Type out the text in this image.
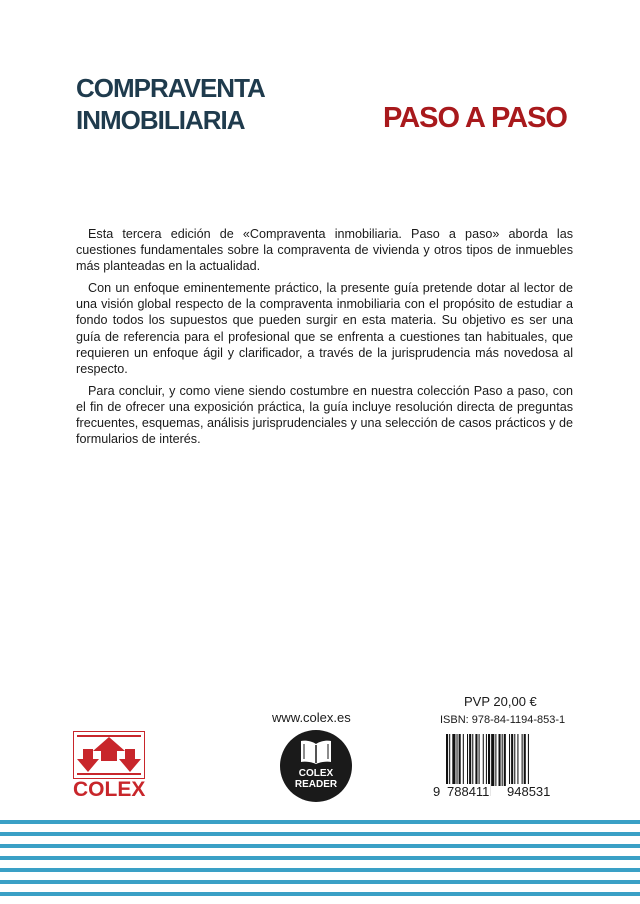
COMPRAVENTA
INMOBILIARIA	PASO A PASO

Esta tercera edición de «Compraventa inmobiliaria. Paso a paso» aborda las cuestiones fundamentales sobre la compraventa de vivienda y otros tipos de inmuebles más planteadas en la actualidad.

Con un enfoque eminentemente práctico, la presente guía pretende dotar al lector de una visión global respecto de la compraventa inmobiliaria con el propósito de estudiar a fondo todos los supuestos que pueden surgir en esta materia. Su objetivo es ser una guía de referencia para el profesional que se enfrenta a cuestiones tan habituales, que requieren un enfoque ágil y clarificador, a través de la jurisprudencia más novedosa al respecto.

Para concluir, y como viene siendo costumbre en nuestra colección Paso a paso, con el fin de ofrecer una exposición práctica, la guía incluye resolución directa de preguntas frecuentes, esquemas, análisis jurisprudenciales y una selección de casos prácticos y de formularios de interés.

COLEX
www.colex.es
COLEX
READER
PVP 20,00 €
ISBN: 978-84-1194-853-1
9 788411 948531
